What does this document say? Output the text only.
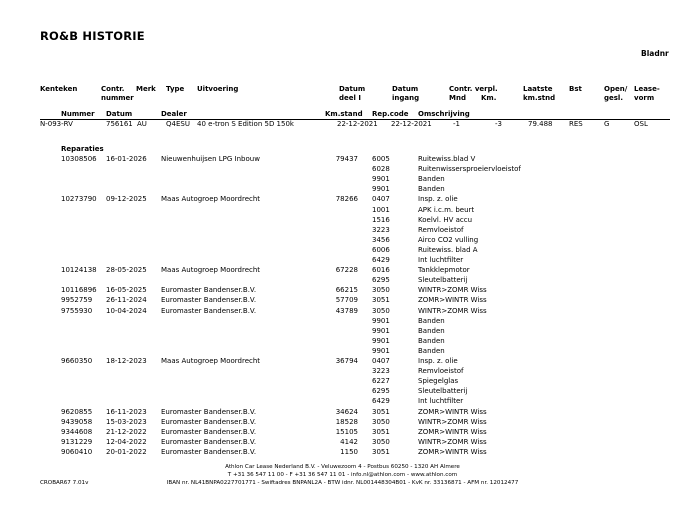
RO&B HISTORIE
Bladnr
Kenteken	Contr.
nummer
Merk Type Uitvoering	Datum
deel I
Datum
ingang
Contr. verpl.
Mnd Km.
Laatste
km.stnd
Bst	Open/
gesl.
Lease-
vorm
Nummer Datum	Dealer	Km.stand Rep.code Omschrijving
N-093-RV	756161 AU	Q4ESU 40 e-tron S Edition 5D 150k	22-12-2021 22-12-2021	-1	-3	79.488 RES	G	OSL
Reparaties
10308506 16-01-2026 Nieuwenhuijsen LPG Inbouw	79437 6005	Ruitewiss.blad V
6028	Ruitenwissersproeiervloeistof
9901	Banden
9901	Banden
10273790 09-12-2025 Maas Autogroep Moordrecht	78266 0407	Insp. z. olie
1001	APK i.c.m. beurt
1516	Koelvl. HV accu
3223	Remvloeistof
3456	Airco CO2 vulling
6006	Ruitewiss. blad A
6429	Int luchtfilter
10124138 28-05-2025 Maas Autogroep Moordrecht	67228 6016	Tankklepmotor
6295	Sleutelbatterij
10116896 16-05-2025 Euromaster Bandenser.B.V.	66215 3050	WINTR>ZOMR Wiss
9952759 26-11-2024 Euromaster Bandenser.B.V.	57709 3051	ZOMR>WINTR Wiss
9755930 10-04-2024 Euromaster Bandenser.B.V.	43789 3050	WINTR>ZOMR Wiss
9901	Banden
9901	Banden
9901	Banden
9901	Banden
9660350 18-12-2023 Maas Autogroep Moordrecht	36794 0407	Insp. z. olie
3223	Remvloeistof
6227	Spiegelglas
6295	Sleutelbatterij
6429	Int luchtfilter
9620855 16-11-2023 Euromaster Bandenser.B.V.	34624 3051	ZOMR>WINTR Wiss
9439058 15-03-2023 Euromaster Bandenser.B.V.	18528 3050	WINTR>ZOMR Wiss
9344608 21-12-2022 Euromaster Bandenser.B.V.	15105 3051	ZOMR>WINTR Wiss
9131229 12-04-2022 Euromaster Bandenser.B.V.	4142 3050	WINTR>ZOMR Wiss
9060410 20-01-2022 Euromaster Bandenser.B.V.	1150 3051	ZOMR>WINTR Wiss
Athlon Car Lease Nederland B.V. - Veluwezoom 4 - Postbus 60250 - 1320 AH Almere
T +31 36 547 11 00 - F +31 36 547 11 01 - info.nl@athlon.com - www.athlon.com
IBAN nr. NL41BNPA0227701771 - Swiftadres BNPANL2A - BTW idnr. NL001448304B01 - KvK nr. 33136871 - AFM nr. 12012477
CROBAR67 7.01v
